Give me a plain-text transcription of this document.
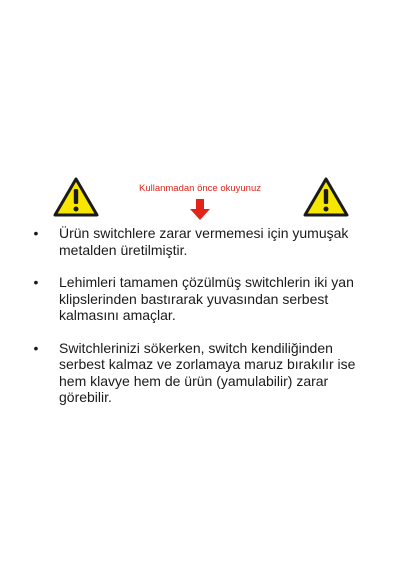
Kullanmadan önce okuyunuz
• Ürün switchlere zarar vermemesi için yumuşak metalden üretilmiştir.
• Lehimleri tamamen çözülmüş switchlerin iki yan klipslerinden bastırarak yuvasından serbest kalmasını amaçlar.
• Switchlerinizi sökerken, switch kendiliğinden serbest kalmaz ve zorlamaya maruz bırakılır ise hem klavye hem de ürün (yamulabilir) zarar görebilir.
